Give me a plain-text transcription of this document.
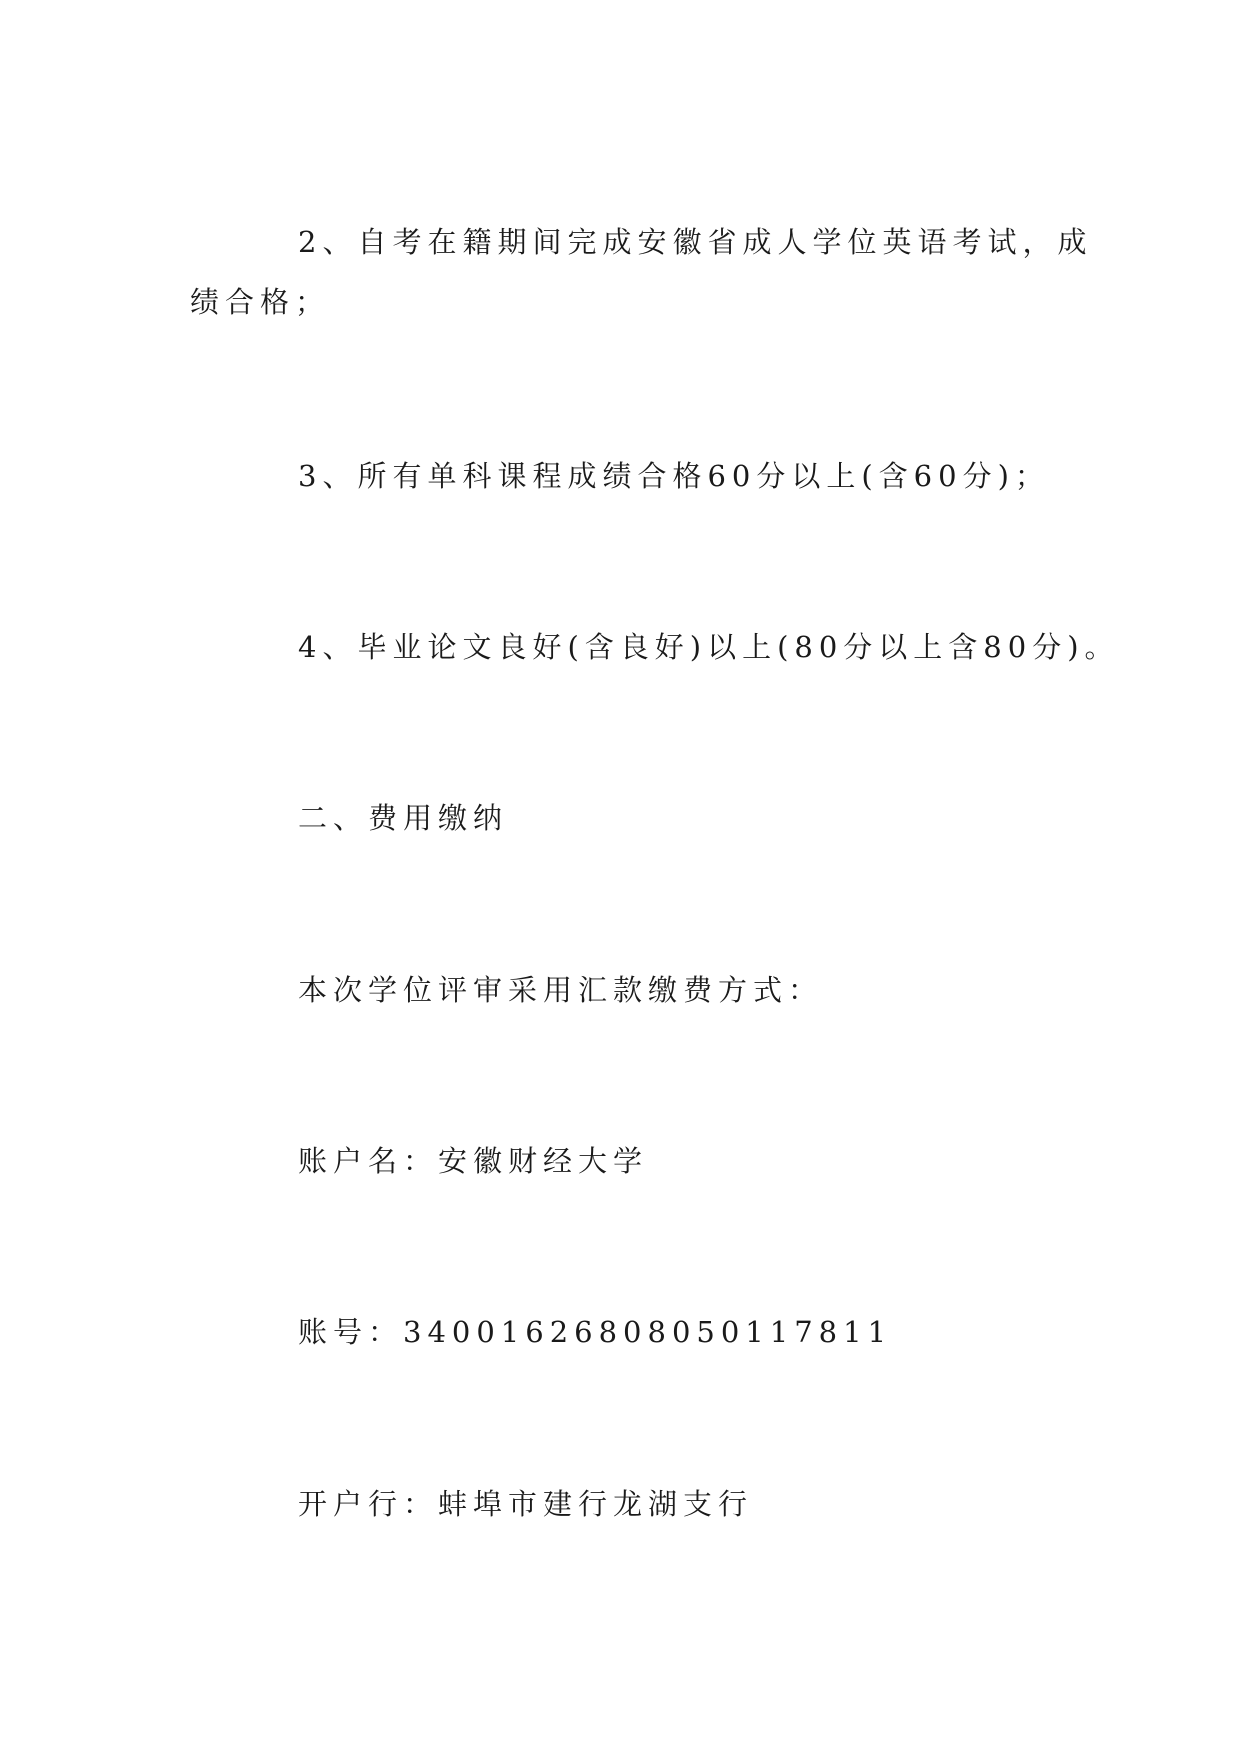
2、自考在籍期间完成安徽省成人学位英语考试，成
绩合格；

3、所有单科课程成绩合格60分以上(含60分)；

4、毕业论文良好(含良好)以上(80分以上含80分)。

二、费用缴纳

本次学位评审采用汇款缴费方式：

账户名：安徽财经大学

账号：34001626808050117811

开户行：蚌埠市建行龙湖支行
